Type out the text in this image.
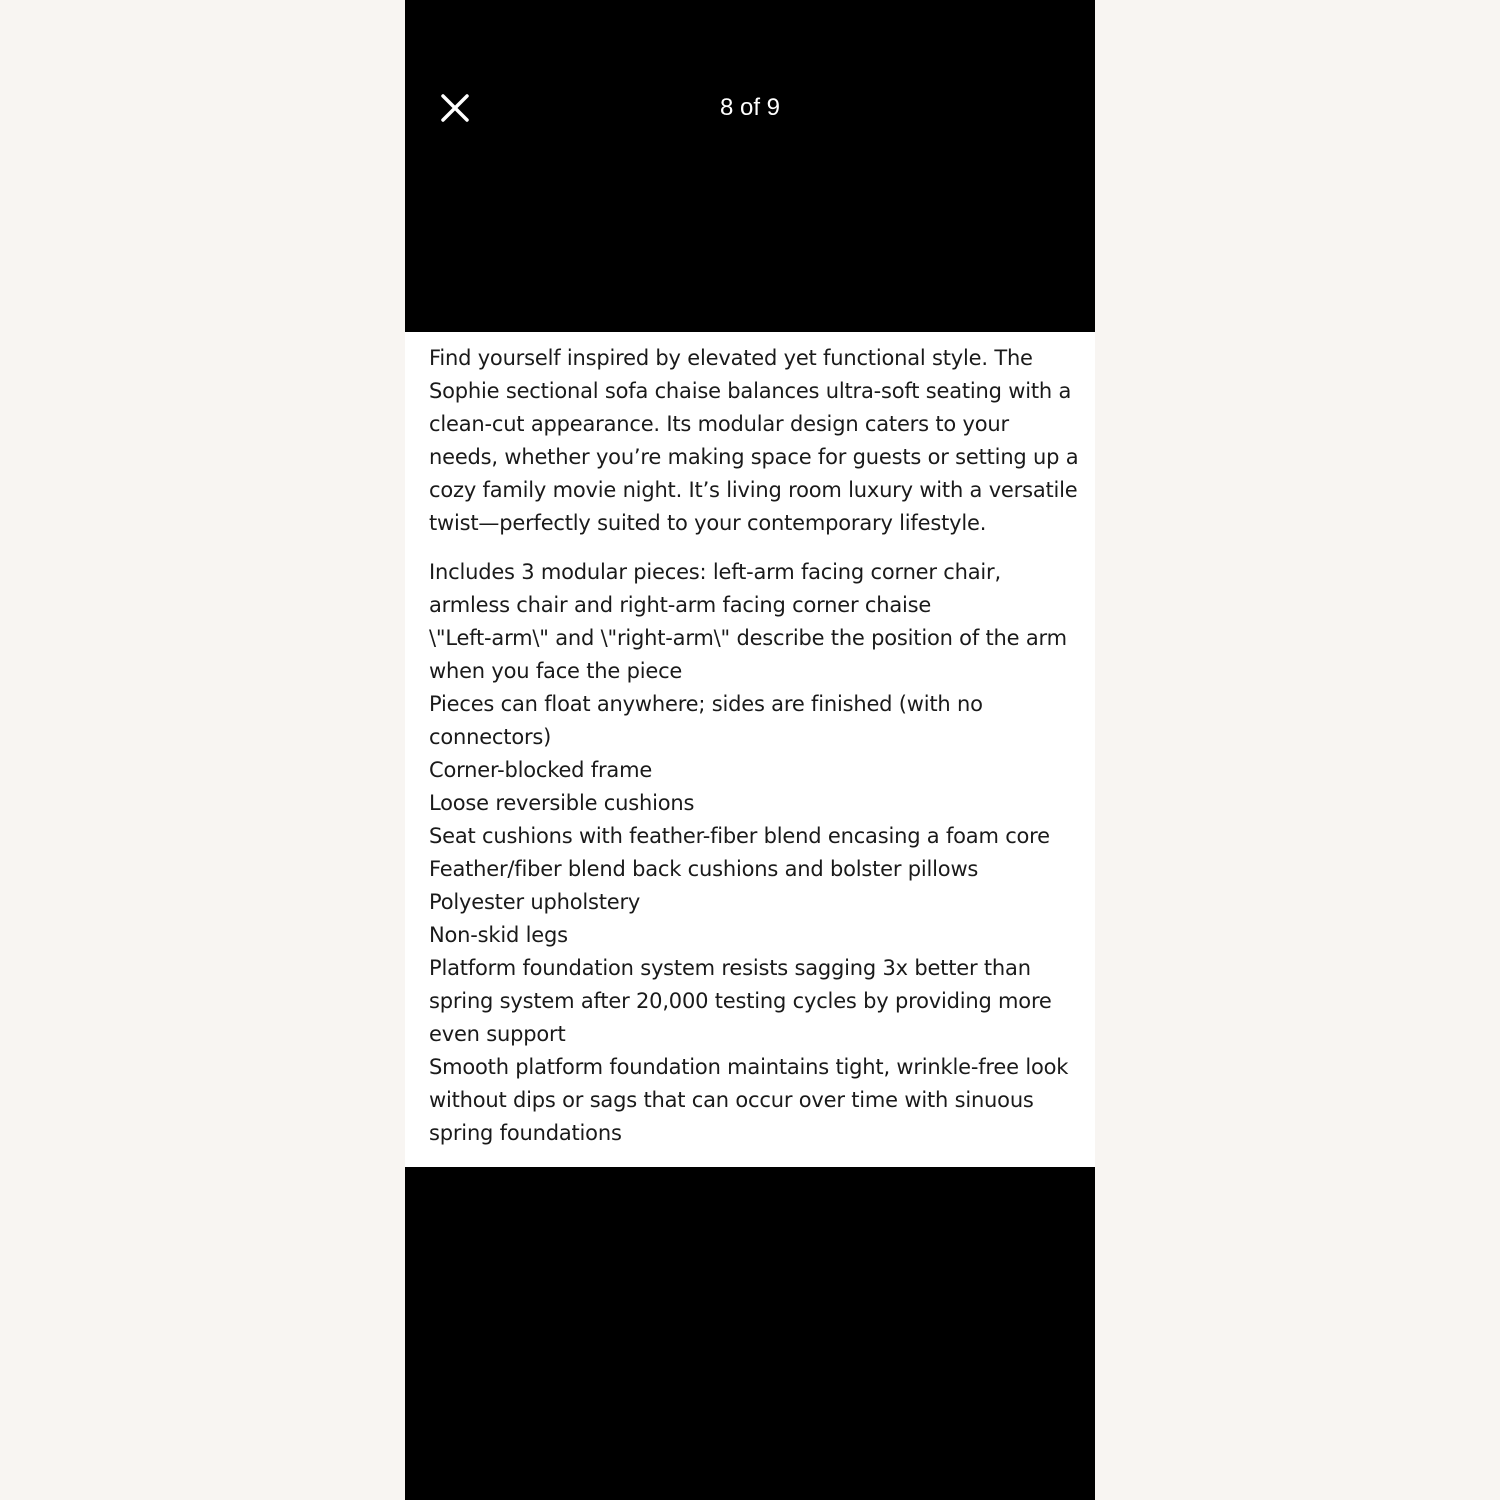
8 of 9

Find yourself inspired by elevated yet functional style. The
Sophie sectional sofa chaise balances ultra-soft seating with a
clean-cut appearance. Its modular design caters to your
needs, whether you’re making space for guests or setting up a
cozy family movie night. It’s living room luxury with a versatile
twist—perfectly suited to your contemporary lifestyle.

Includes 3 modular pieces: left-arm facing corner chair,
armless chair and right-arm facing corner chaise
\"Left-arm\" and \"right-arm\" describe the position of the arm
when you face the piece
Pieces can float anywhere; sides are finished (with no
connectors)
Corner-blocked frame
Loose reversible cushions
Seat cushions with feather-fiber blend encasing a foam core
Feather/fiber blend back cushions and bolster pillows
Polyester upholstery
Non-skid legs
Platform foundation system resists sagging 3x better than
spring system after 20,000 testing cycles by providing more
even support
Smooth platform foundation maintains tight, wrinkle-free look
without dips or sags that can occur over time with sinuous
spring foundations
